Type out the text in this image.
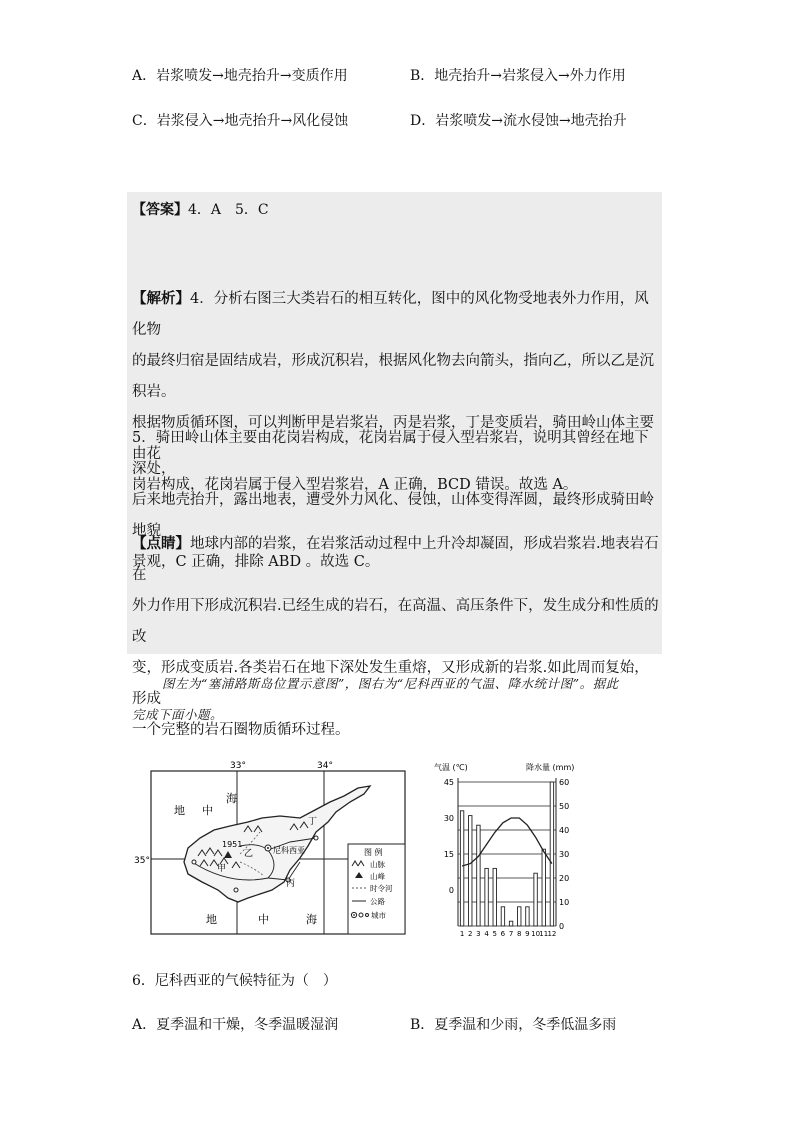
A．岩浆喷发→地壳抬升→变质作用	B．地壳抬升→岩浆侵入→外力作用
C．岩浆侵入→地壳抬升→风化侵蚀	D．岩浆喷发→流水侵蚀→地壳抬升
【答案】4．A　5．C

【解析】4．分析右图三大类岩石的相互转化，图中的风化物受地表外力作用，风化物

的最终归宿是固结成岩，形成沉积岩，根据风化物去向箭头，指向乙，所以乙是沉积岩。

根据物质循环图，可以判断甲是岩浆岩，丙是岩浆，丁是变质岩，骑田岭山体主要由花

岗岩构成，花岗岩属于侵入型岩浆岩，A 正确，BCD 错误。故选 A。

5．骑田岭山体主要由花岗岩构成，花岗岩属于侵入型岩浆岩，说明其曾经在地下深处，

后来地壳抬升，露出地表，遭受外力风化、侵蚀，山体变得浑圆，最终形成骑田岭地貌

景观，C 正确，排除 ABD 。故选 C。

【点睛】地球内部的岩浆，在岩浆活动过程中上升冷却凝固，形成岩浆岩.地表岩石在

外力作用下形成沉积岩.已经生成的岩石，在高温、高压条件下，发生成分和性质的改

变，形成变质岩.各类岩石在地下深处发生重熔，又形成新的岩浆.如此周而复始，形成

一个完整的岩石圈物质循环过程。

图左为“塞浦路斯岛位置示意图”，图右为“尼科西亚的气温、降水统计图”。据此
完成下面小题。
33°	34°
35°
1951
尼科西亚
甲
乙
丙
丁
地 中
海
地	中	海
图 例
山脉
山峰
时令河
公路
城市
气温 (℃)	降水量 (mm)
60
50
40
30
20
10
0
45
30
15
0
1 2 3 4 5 6 7 8 9 10 11 12
6．尼科西亚的气候特征为（　）
A．夏季温和干燥，冬季温暖湿润	B．夏季温和少雨，冬季低温多雨
